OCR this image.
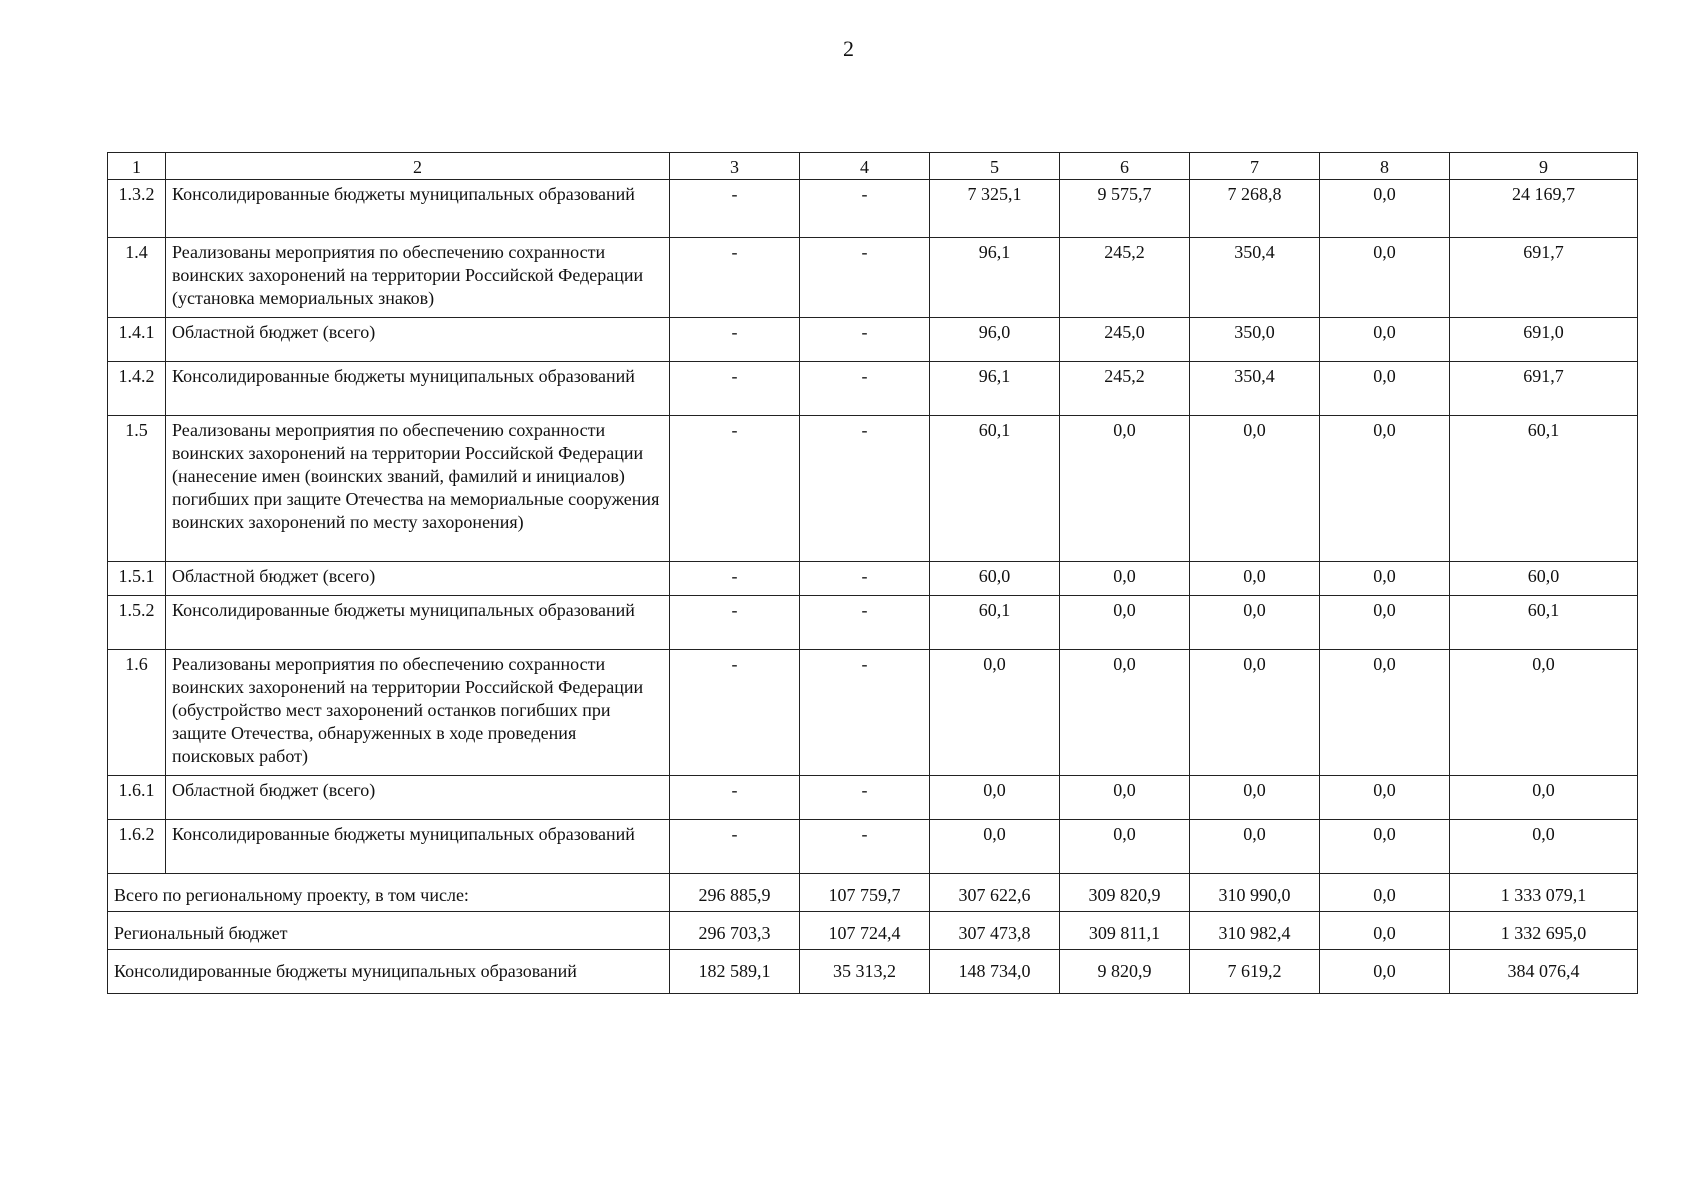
2
1	2	3	4	5	6	7	8	9
1.3.2	Консолидированные бюджеты муниципальных образований	-	-	7 325,1	9 575,7	7 268,8	0,0	24 169,7
1.4	Реализованы мероприятия по обеспечению сохранности воинских захоронений на территории Российской Федерации (установка мемориальных знаков)	-	-	96,1	245,2	350,4	0,0	691,7
1.4.1	Областной бюджет (всего)	-	-	96,0	245,0	350,0	0,0	691,0
1.4.2	Консолидированные бюджеты муниципальных образований	-	-	96,1	245,2	350,4	0,0	691,7
1.5	Реализованы мероприятия по обеспечению сохранности воинских захоронений на территории Российской Федерации (нанесение имен (воинских званий, фамилий и инициалов) погибших при защите Отечества на мемориальные сооружения воинских захоронений по месту захоронения)	-	-	60,1	0,0	0,0	0,0	60,1
1.5.1	Областной бюджет (всего)	-	-	60,0	0,0	0,0	0,0	60,0
1.5.2	Консолидированные бюджеты муниципальных образований	-	-	60,1	0,0	0,0	0,0	60,1
1.6	Реализованы мероприятия по обеспечению сохранности воинских захоронений на территории Российской Федерации (обустройство мест захоронений останков погибших при защите Отечества, обнаруженных в ходе проведения поисковых работ)	-	-	0,0	0,0	0,0	0,0	0,0
1.6.1	Областной бюджет (всего)	-	-	0,0	0,0	0,0	0,0	0,0
1.6.2	Консолидированные бюджеты муниципальных образований	-	-	0,0	0,0	0,0	0,0	0,0
Всего по региональному проекту, в том числе:		296 885,9	107 759,7	307 622,6	309 820,9	310 990,0	0,0	1 333 079,1
Региональный бюджет		296 703,3	107 724,4	307 473,8	309 811,1	310 982,4	0,0	1 332 695,0
Консолидированные бюджеты муниципальных образований		182 589,1	35 313,2	148 734,0	9 820,9	7 619,2	0,0	384 076,4
